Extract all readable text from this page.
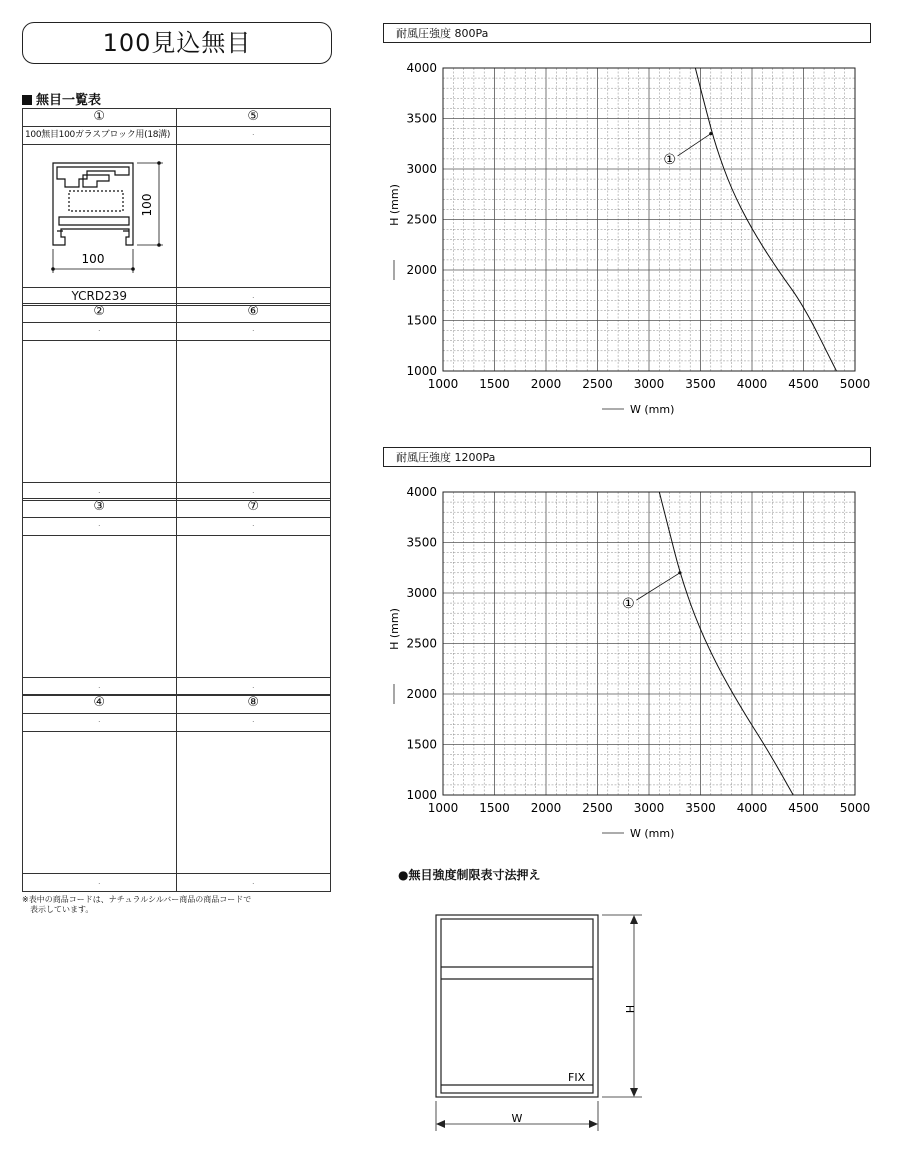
100見込無目
無目一覧表
①	⑤
100無目100ガラスブロック用(18溝)	·
100
100
YCRD239	·
②	⑥
·	·
·	·
③	⑦
·	·
·	·
④	⑧
·	·
·	·
※表中の商品コードは、ナチュラルシルバー商品の商品コードで
表示しています。
耐風圧強度 800Pa
1000 1500 2000 2500 3000 3500 4000 4500 5000
1000
1500
2000
2500
3000
3500
4000
W (mm)
H (mm)
①
耐風圧強度 1200Pa
1000 1500 2000 2500 3000 3500 4000 4500 5000
1000
1500
2000
2500
3000
3500
4000
W (mm)
H (mm)
①
●無目強度制限表寸法押え
FIX
W
H
